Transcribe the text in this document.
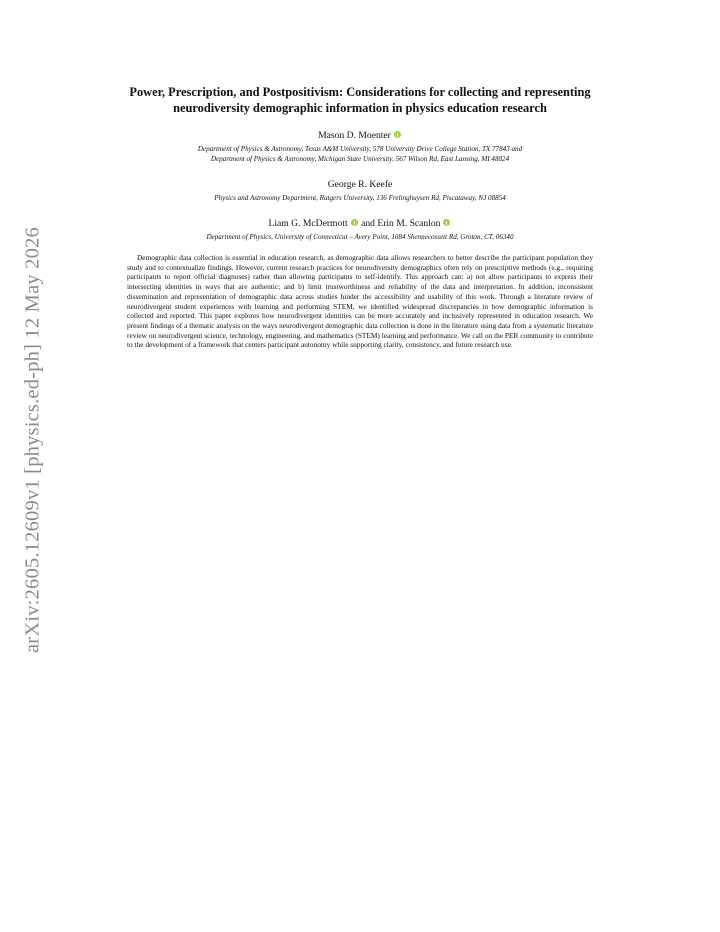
arXiv:2605.12609v1 [physics.ed-ph] 12 May 2026
Power, Prescription, and Postpositivism: Considerations for collecting and representing
neurodiversity demographic information in physics education research
Mason D. Moenter
Department of Physics & Astronomy, Texas A&M University, 578 University Drive College Station, TX 77843 and
Department of Physics & Astronomy, Michigan State University, 567 Wilson Rd, East Lansing, MI 48824
George R. Keefe
Physics and Astronomy Department, Rutgers University, 136 Frelinghuysen Rd, Piscataway, NJ 08854
Liam G. McDermott and Erin M. Scanlon
Department of Physics, University of Connecticut – Avery Point, 1084 Shennecossett Rd, Groton, CT, 06340

Demographic data collection is essential in education research, as demographic data allows researchers to better describe the participant population they study and to contextualize findings. However, current research practices for neurodiversity demographics often rely on prescriptive methods (e.g., requiring participants to report official diagnoses) rather than allowing participants to self-identify. This approach can: a) not allow participants to express their intersecting identities in ways that are authentic; and b) limit trustworthiness and reliability of the data and interpretation. In addition, inconsistent dissemination and representation of demographic data across studies hinder the accessibility and usability of this work. Through a literature review of neurodivergent student experiences with learning and performing STEM, we identified widespread discrepancies in how demographic information is collected and reported. This paper explores how neurodivergent identities can be more accurately and inclusively represented in education research. We present findings of a thematic analysis on the ways neurodivergent demographic data collection is done in the literature using data from a systematic literature review on neurodivergent science, technology, engineering, and mathematics (STEM) learning and performance. We call on the PER community to contribute to the development of a framework that centers participant autonomy while supporting clarity, consistency, and future research use.
